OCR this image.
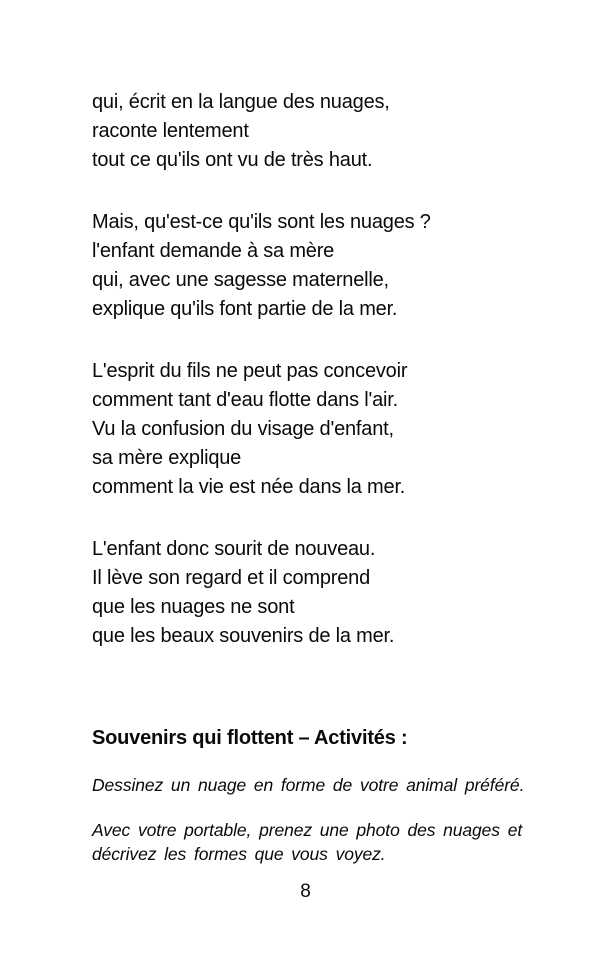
qui, écrit en la langue des nuages,

raconte lentement

tout ce qu'ils ont vu de très haut.

Mais, qu'est-ce qu'ils sont les nuages ?

l'enfant demande à sa mère

qui, avec une sagesse maternelle,

explique qu'ils font partie de la mer.

L'esprit du fils ne peut pas concevoir

comment tant d'eau flotte dans l'air.

Vu la confusion du visage d'enfant,

sa mère explique

comment la vie est née dans la mer.

L'enfant donc sourit de nouveau.

Il lève son regard et il comprend

que les nuages ne sont

que les beaux souvenirs de la mer.

Souvenirs qui flottent – Activités :

Dessinez un nuage en forme de votre animal préféré.

Avec votre portable, prenez une photo des nuages et
décrivez les formes que vous voyez.

8
